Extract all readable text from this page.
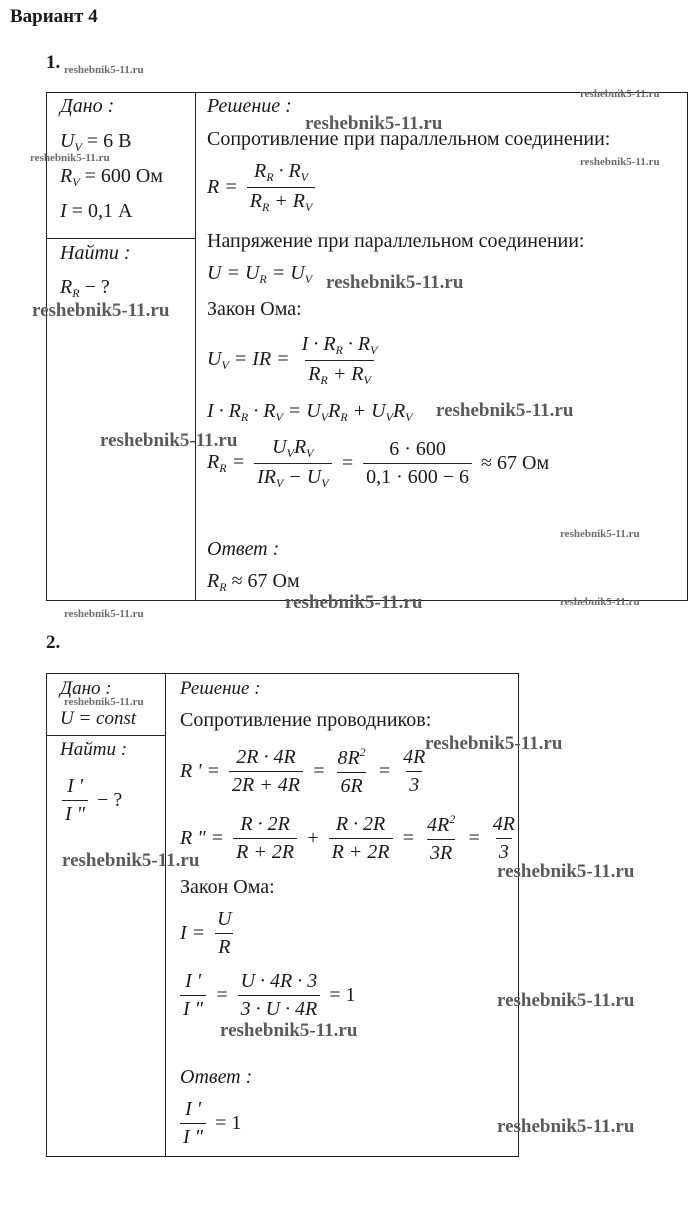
Вариант 4
1.
Дано :
$U_V = 6$ В
$R_V = 600$ Ом
I = 0,1 А
Найти :
$R_R$ − ?
Решение :
Сопротивление при параллельном соединении:
$R = \frac{R_R \cdot R_V}{R_R + R_V}$
Напряжение при параллельном соединении:
$U = U_R = U_V$
Закон Ома:
$U_V$ = IR = $\frac{I \cdot R_R \cdot R_V}{R_R + R_V}$
$I \cdot R_R \cdot R_V = U_VR_R + U_VR_V$
$R_R = \frac{U_VR_V}{IR_V - U_V} = \frac{6 \cdot 600}{0,1 \cdot 600 - 6} \approx 67$ Ом
Ответ :
$R_R \approx 67$ Ом
2.
Дано :
U = const
Найти :
$\frac{I '}{I "}$ − ?
Решение :
Сопротивление проводников:
R ' = $\frac{2R \cdot 4R}{2R + 4R} = \frac{8R^2}{6R} = \frac{4R}{3}$
R " = $\frac{R \cdot 2R}{R + 2R} + \frac{R \cdot 2R}{R + 2R} = \frac{4R^2}{3R} = \frac{4R}{3}$
Закон Ома:
$I = \frac{U}{R}$
$\frac{I '}{I "} = \frac{U \cdot 4R \cdot 3}{3 \cdot U \cdot 4R} = 1$
Ответ :
$\frac{I '}{I "} = 1$
reshebnik5-11.ru
reshebnik5-11.ru
reshebnik5-11.ru
reshebnik5-11.ru	reshebnik5-11.ru
reshebnik5-11.ru
reshebnik5-11.ru
reshebnik5-11.ru
reshebnik5-11.ru
reshebnik5-11.ru
reshebnik5-11.ru	reshebnik5-11.ru
reshebnik5-11.ru
reshebnik5-11.ru
reshebnik5-11.ru
reshebnik5-11.ru
reshebnik5-11.ru
reshebnik5-11.ru
reshebnik5-11.ru
reshebnik5-11.ru
